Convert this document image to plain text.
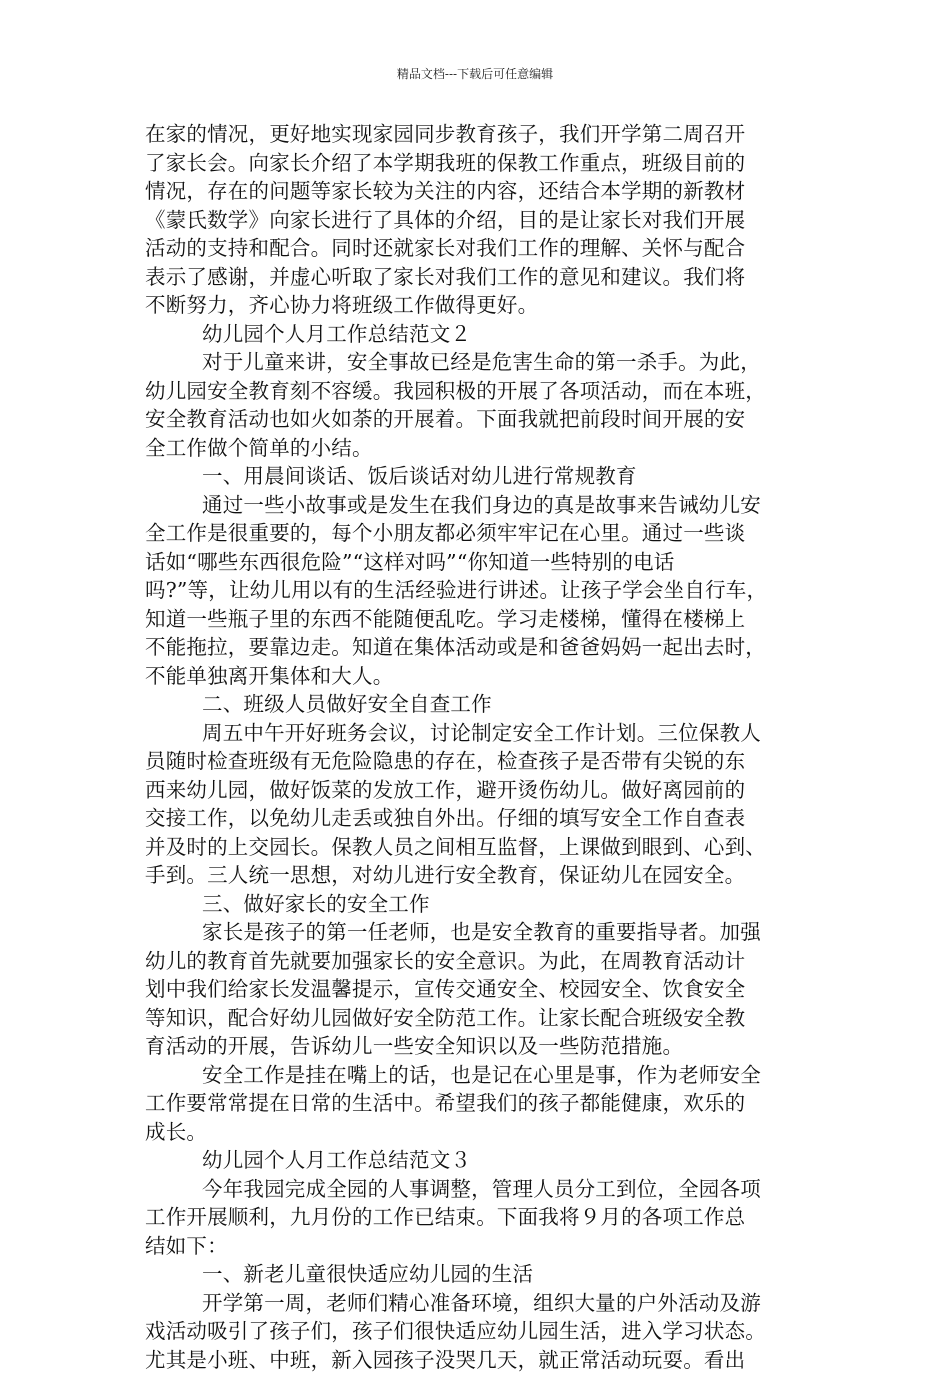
精品文档---下载后可任意编辑
在家的情况，更好地实现家园同步教育孩子，我们开学第二周召开
了家长会。向家长介绍了本学期我班的保教工作重点，班级目前的
情况，存在的问题等家长较为关注的内容，还结合本学期的新教材
《蒙氏数学》向家长进行了具体的介绍，目的是让家长对我们开展
活动的支持和配合。同时还就家长对我们工作的理解、关怀与配合
表示了感谢，并虚心听取了家长对我们工作的意见和建议。我们将
不断努力，齐心协力将班级工作做得更好。
幼儿园个人月工作总结范文２
对于儿童来讲，安全事故已经是危害生命的第一杀手。为此，
幼儿园安全教育刻不容缓。我园积极的开展了各项活动，而在本班，
安全教育活动也如火如荼的开展着。下面我就把前段时间开展的安
全工作做个简单的小结。
一、用晨间谈话、饭后谈话对幼儿进行常规教育
通过一些小故事或是发生在我们身边的真是故事来告诫幼儿安
全工作是很重要的，每个小朋友都必须牢牢记在心里。通过一些谈
话如“哪些东西很危险”“这样对吗”“你知道一些特别的电话
吗?”等，让幼儿用以有的生活经验进行讲述。让孩子学会坐自行车，
知道一些瓶子里的东西不能随便乱吃。学习走楼梯，懂得在楼梯上
不能拖拉，要靠边走。知道在集体活动或是和爸爸妈妈一起出去时，
不能单独离开集体和大人。
二、班级人员做好安全自查工作
周五中午开好班务会议，讨论制定安全工作计划。三位保教人
员随时检查班级有无危险隐患的存在，检查孩子是否带有尖锐的东
西来幼儿园，做好饭菜的发放工作，避开烫伤幼儿。做好离园前的
交接工作，以免幼儿走丢或独自外出。仔细的填写安全工作自查表
并及时的上交园长。保教人员之间相互监督，上课做到眼到、心到、
手到。三人统一思想，对幼儿进行安全教育，保证幼儿在园安全。
三、做好家长的安全工作
家长是孩子的第一任老师，也是安全教育的重要指导者。加强
幼儿的教育首先就要加强家长的安全意识。为此，在周教育活动计
划中我们给家长发温馨提示，宣传交通安全、校园安全、饮食安全
等知识，配合好幼儿园做好安全防范工作。让家长配合班级安全教
育活动的开展，告诉幼儿一些安全知识以及一些防范措施。
安全工作是挂在嘴上的话，也是记在心里是事，作为老师安全
工作要常常提在日常的生活中。希望我们的孩子都能健康，欢乐的
成长。
幼儿园个人月工作总结范文３
今年我园完成全园的人事调整，管理人员分工到位，全园各项
工作开展顺利，九月份的工作已结束。下面我将９月的各项工作总
结如下：
一、新老儿童很快适应幼儿园的生活
开学第一周，老师们精心准备环境，组织大量的户外活动及游
戏活动吸引了孩子们，孩子们很快适应幼儿园生活，进入学习状态。
尤其是小班、中班，新入园孩子没哭几天，就正常活动玩耍。看出
